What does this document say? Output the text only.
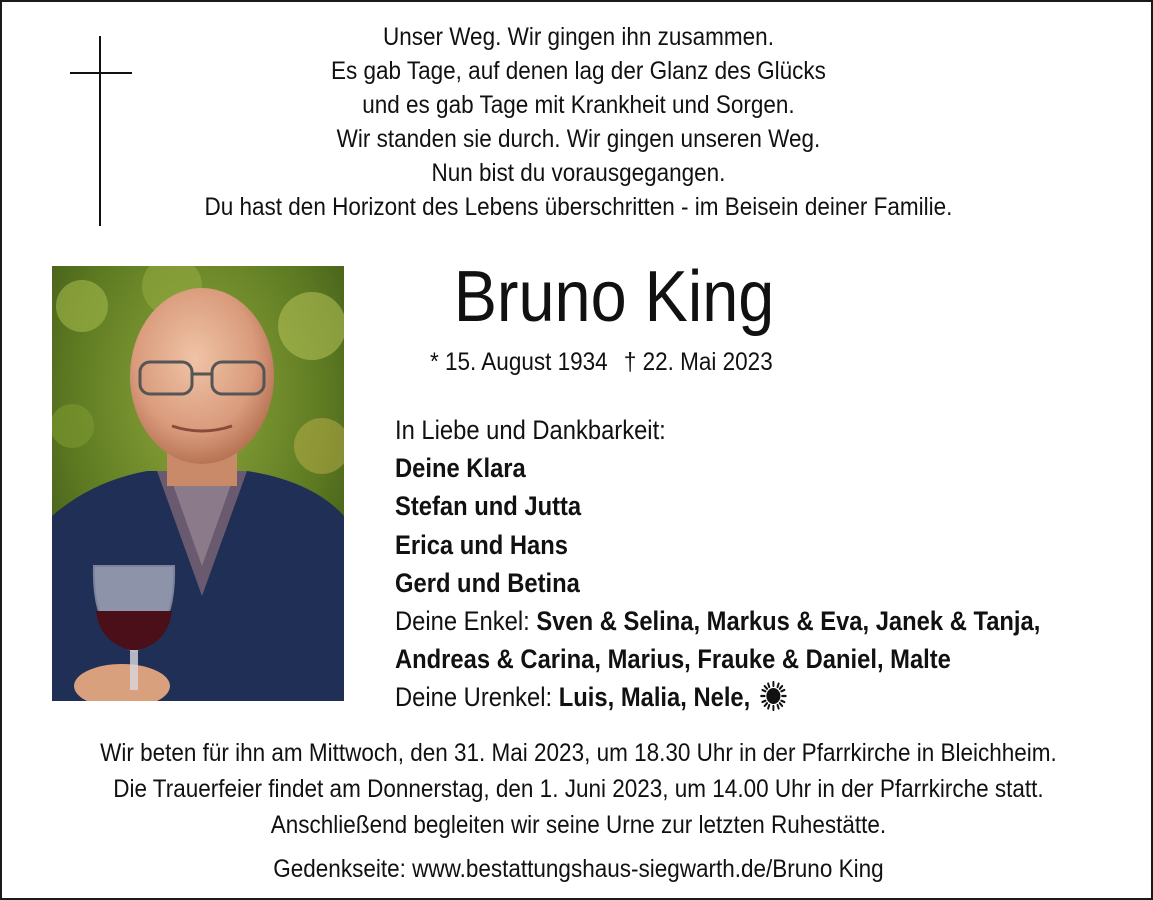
Unser Weg. Wir gingen ihn zusammen.
Es gab Tage, auf denen lag der Glanz des Glücks
und es gab Tage mit Krankheit und Sorgen.
Wir standen sie durch. Wir gingen unseren Weg.
Nun bist du vorausgegangen.
Du hast den Horizont des Lebens überschritten - im Beisein deiner Familie.
Bruno King
* 15. August 1934 † 22. Mai 2023
In Liebe und Dankbarkeit:
Deine Klara
Stefan und Jutta
Erica und Hans
Gerd und Betina
Deine Enkel: Sven & Selina, Markus & Eva, Janek & Tanja,
Andreas & Carina, Marius, Frauke & Daniel, Malte
Deine Urenkel: Luis, Malia, Nele,
Wir beten für ihn am Mittwoch, den 31. Mai 2023, um 18.30 Uhr in der Pfarrkirche in Bleichheim.
Die Trauerfeier findet am Donnerstag, den 1. Juni 2023, um 14.00 Uhr in der Pfarrkirche statt.
Anschließend begleiten wir seine Urne zur letzten Ruhestätte.
Gedenkseite: www.bestattungshaus-siegwarth.de/Bruno King
